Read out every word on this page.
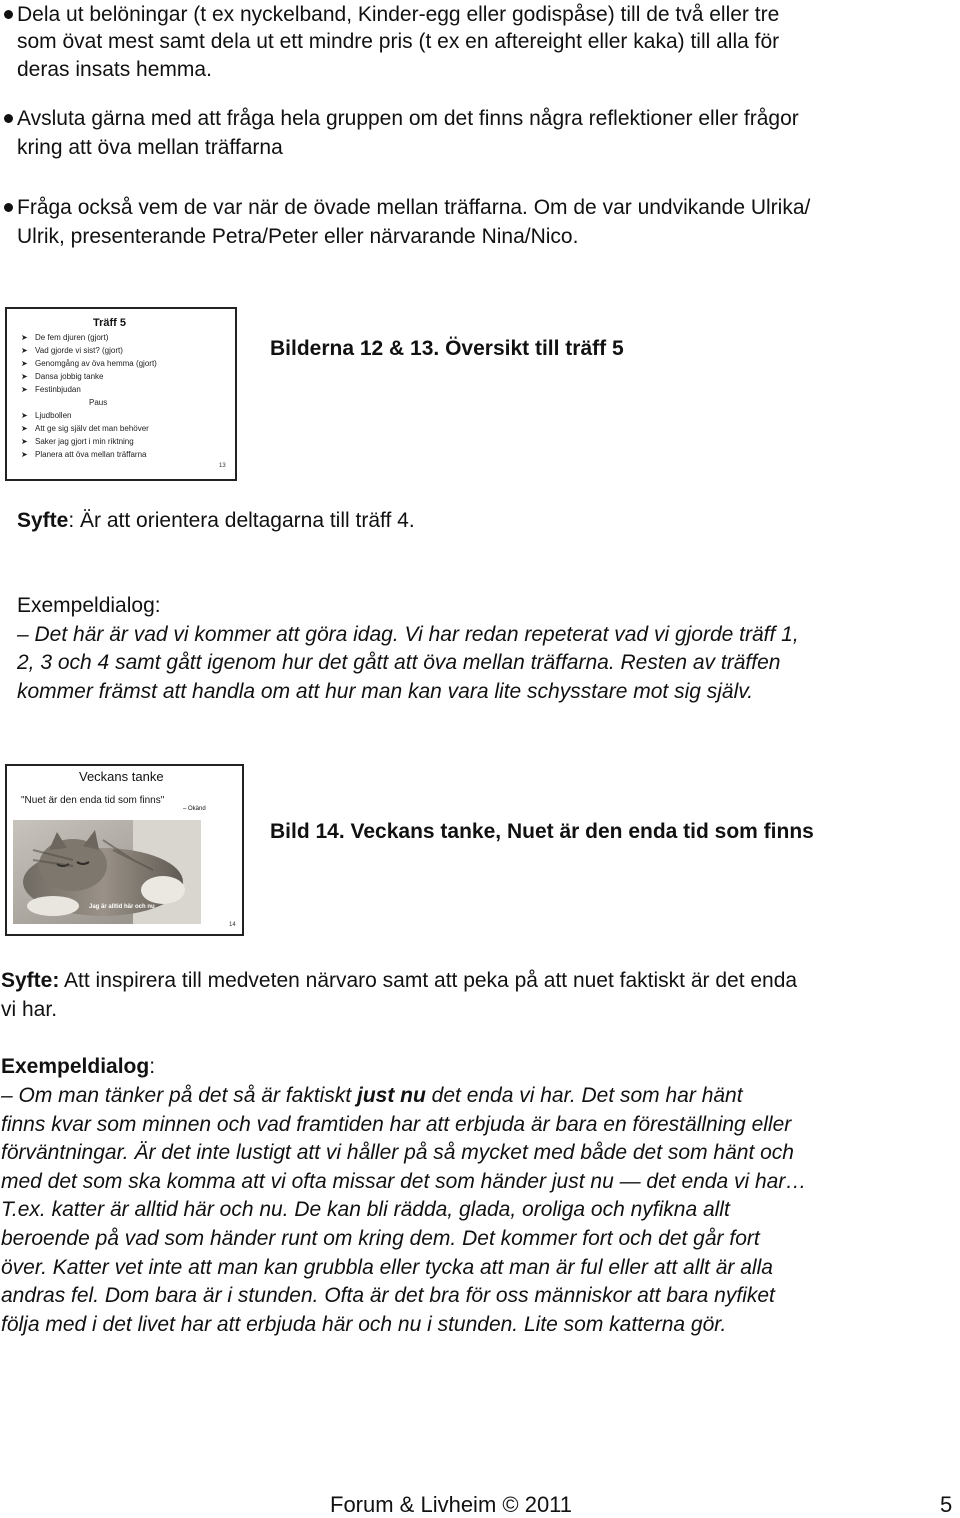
Dela ut belöningar (t ex nyckelband, Kinder-egg eller godispåse) till de två eller tre
som övat mest samt dela ut ett mindre pris (t ex en aftereight eller kaka) till alla för
deras insats hemma.
Avsluta gärna med att fråga hela gruppen om det finns några reflektioner eller frågor
kring att öva mellan träffarna
Fråga också vem de var när de övade mellan träffarna. Om de var undvikande Ulrika/
Ulrik, presenterande Petra/Peter eller närvarande Nina/Nico.
Träff 5
➤ De fem djuren (gjort)
➤ Vad gjorde vi sist? (gjort)
➤ Genomgång av öva hemma (gjort)
➤ Dansa jobbig tanke
➤ Festinbjudan
Paus
➤ Ljudbollen
➤ Att ge sig själv det man behöver
➤ Saker jag gjort i min riktning
➤ Planera att öva mellan träffarna
13
Bilderna 12 & 13. Översikt till träff 5
Syfte: Är att orientera deltagarna till träff 4.
Exempeldialog:
– Det här är vad vi kommer att göra idag. Vi har redan repeterat vad vi gjorde träff 1,
2, 3 och 4 samt gått igenom hur det gått att öva mellan träffarna. Resten av träffen
kommer främst att handla om att hur man kan vara lite schysstare mot sig själv.
Veckans tanke
"Nuet är den enda tid som finns"
– Okänd
Jag är alltid här och nu
14
Bild 14. Veckans tanke, Nuet är den enda tid som finns
Syfte: Att inspirera till medveten närvaro samt att peka på att nuet faktiskt är det enda
vi har.
Exempeldialog:
– Om man tänker på det så är faktiskt just nu det enda vi har. Det som har hänt
finns kvar som minnen och vad framtiden har att erbjuda är bara en föreställning eller
förväntningar. Är det inte lustigt att vi håller på så mycket med både det som hänt och
med det som ska komma att vi ofta missar det som händer just nu — det enda vi har…
T.ex. katter är alltid här och nu. De kan bli rädda, glada, oroliga och nyfikna allt
beroende på vad som händer runt om kring dem. Det kommer fort och det går fort
över. Katter vet inte att man kan grubbla eller tycka att man är ful eller att allt är alla
andras fel. Dom bara är i stunden. Ofta är det bra för oss människor att bara nyfiket
följa med i det livet har att erbjuda här och nu i stunden. Lite som katterna gör.
Forum & Livheim © 2011	5
